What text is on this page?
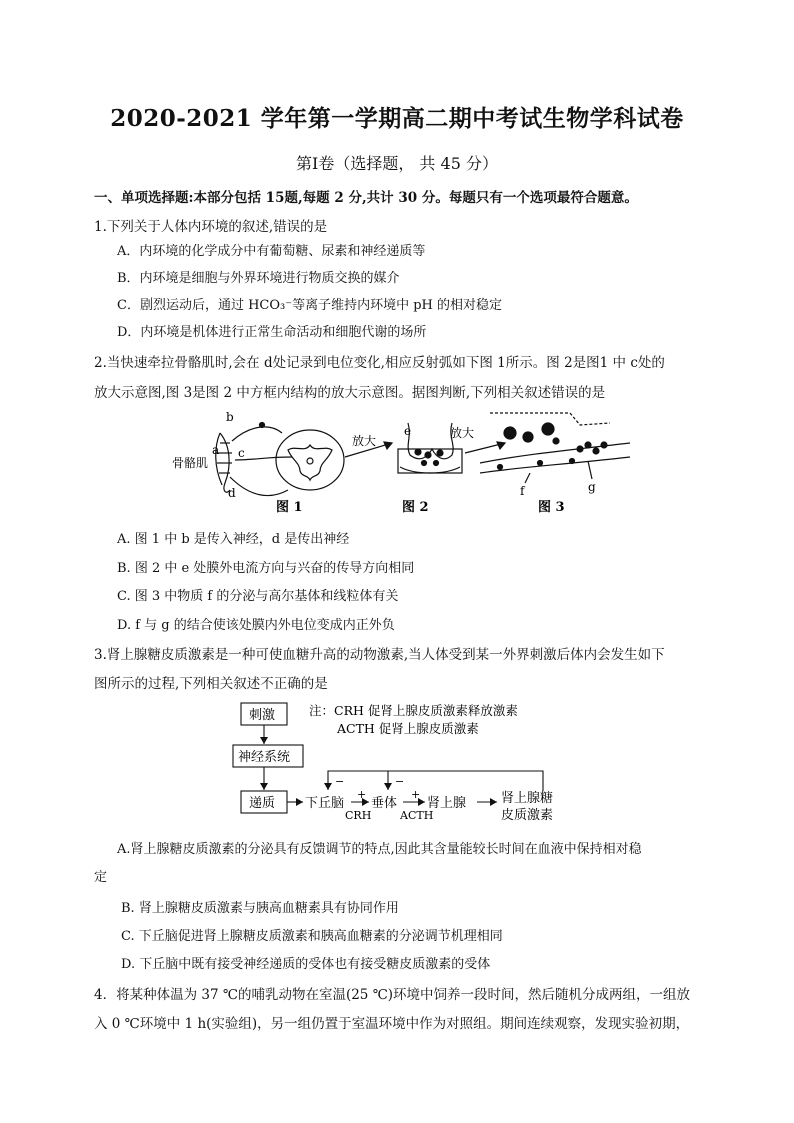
2020-2021 学年第一学期高二期中考试生物学科试卷
第Ⅰ卷（选择题， 共 45 分）
一、单项选择题:本部分包括 15题,每题 2 分,共计 30 分。每题只有一个选项最符合题意。
1.下列关于人体内环境的叙述,错误的是
A．内环境的化学成分中有葡萄糖、尿素和神经递质等
B．内环境是细胞与外界环境进行物质交换的媒介
C．剧烈运动后，通过 HCO₃⁻等离子维持内环境中 pH 的相对稳定
D．内环境是机体进行正常生命活动和细胞代谢的场所
2.当快速牵拉骨骼肌时,会在 d处记录到电位变化,相应反射弧如下图 1所示。图 2是图1 中 c处的
放大示意图,图 3是图 2 中方框内结构的放大示意图。据图判断,下列相关叙述错误的是
a
b
c
d
骨骼肌
放大
e	放大
f	g
图 1	图 2	图 3
A. 图 1 中 b 是传入神经，d 是传出神经
B. 图 2 中 e 处膜外电流方向与兴奋的传导方向相同
C. 图 3 中物质 f 的分泌与高尔基体和线粒体有关
D. f 与 g 的结合使该处膜内外电位变成内正外负
3.肾上腺糖皮质激素是一种可使血糖升高的动物激素,当人体受到某一外界刺激后体内会发生如下
图所示的过程,下列相关叙述不正确的是
刺激
神经系统
递质 下丘脑 垂体 肾上腺	肾上腺糖
皮质激素
CRH	ACTH
+	+
−	−
注：CRH 促肾上腺皮质激素释放激素
ACTH 促肾上腺皮质激素
A.肾上腺糖皮质激素的分泌具有反馈调节的特点,因此其含量能较长时间在血液中保持相对稳
定
B. 肾上腺糖皮质激素与胰高血糖素具有协同作用
C. 下丘脑促进肾上腺糖皮质激素和胰高血糖素的分泌调节机理相同
D. 下丘脑中既有接受神经递质的受体也有接受糖皮质激素的受体
4．将某种体温为 37 ℃的哺乳动物在室温(25 ℃)环境中饲养一段时间，然后随机分成两组，一组放
入 0 ℃环境中 1 h(实验组)，另一组仍置于室温环境中作为对照组。期间连续观察，发现实验初期，
